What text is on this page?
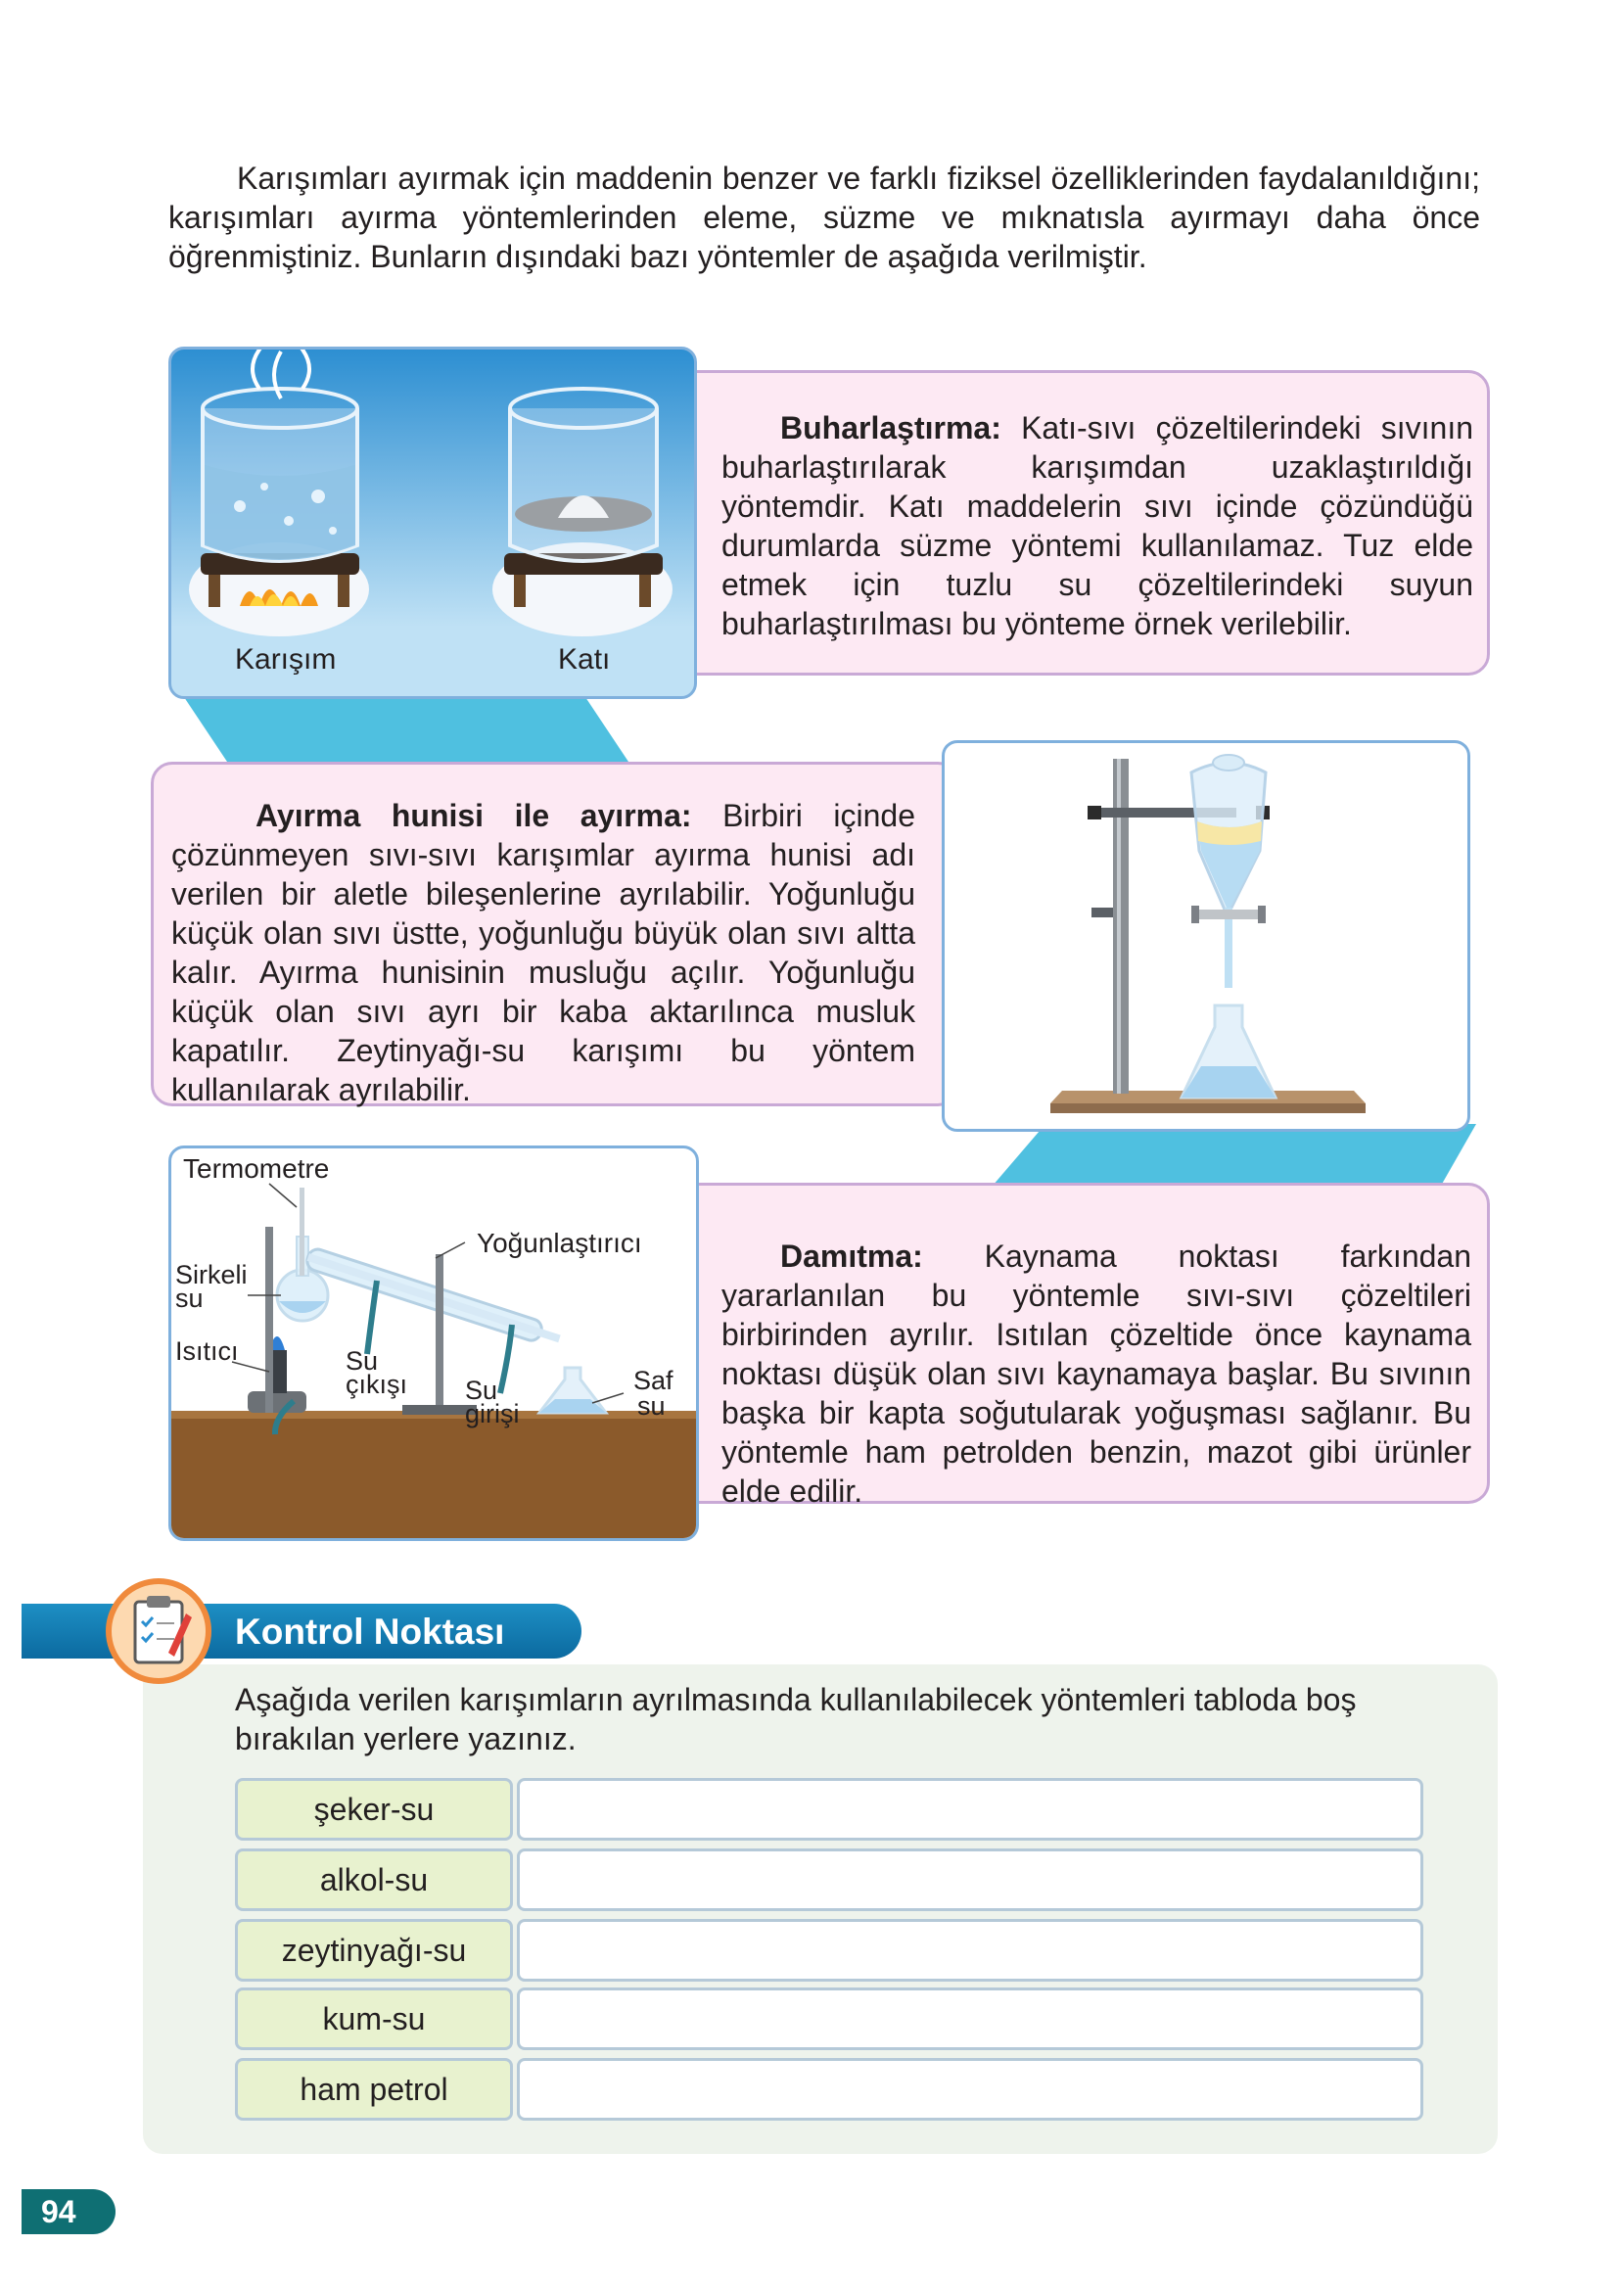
Karışımları ayırmak için maddenin benzer ve farklı fiziksel özelliklerinden faydalanıldığını; karışımları ayırma yöntemlerinden eleme, süzme ve mıknatısla ayırmayı daha önce öğrenmiştiniz. Bunların dışındaki bazı yöntemler de aşağıda verilmiştir.
Buharlaştırma: Katı-sıvı çözeltilerindeki sıvının buharlaştırılarak karışımdan uzaklaştırıldığı yöntemdir. Katı maddelerin sıvı içinde çözündüğü durumlarda süzme yöntemi kullanılamaz. Tuz elde etmek için tuzlu su çözeltilerindeki suyun buharlaştırılması bu yönteme örnek verilebilir.
Karışım	Katı
Ayırma hunisi ile ayırma: Birbiri içinde çözünmeyen sıvı-sıvı karışımlar ayırma hunisi adı verilen bir aletle bileşenlerine ayrılabilir. Yoğunluğu küçük olan sıvı üstte, yoğunluğu büyük olan sıvı altta kalır. Ayırma hunisinin musluğu açılır. Yoğunluğu küçük olan sıvı ayrı bir kaba aktarılınca musluk kapatılır. Zeytinyağı-su karışımı bu yöntem kullanılarak ayrılabilir.
Damıtma: Kaynama noktası farkından yararlanılan bu yöntemle sıvı-sıvı çözeltileri birbirinden ayrılır. Isıtılan çözeltide önce kaynama noktası düşük olan sıvı kaynamaya başlar. Bu sıvının başka bir kapta soğutularak yoğuşması sağlanır. Bu yöntemle ham petrolden benzin, mazot gibi ürünler elde edilir.
Termometre
Yoğunlaştırıcı
Sirkeli
su
Isıtıcı	Su
çıkışı Su
girişi
Saf
su
Kontrol Noktası
Aşağıda verilen karışımların ayrılmasında kullanılabilecek yöntemleri tabloda boş bırakılan yerlere yazınız.
şeker-su
alkol-su
zeytinyağı-su
kum-su
ham petrol
94
